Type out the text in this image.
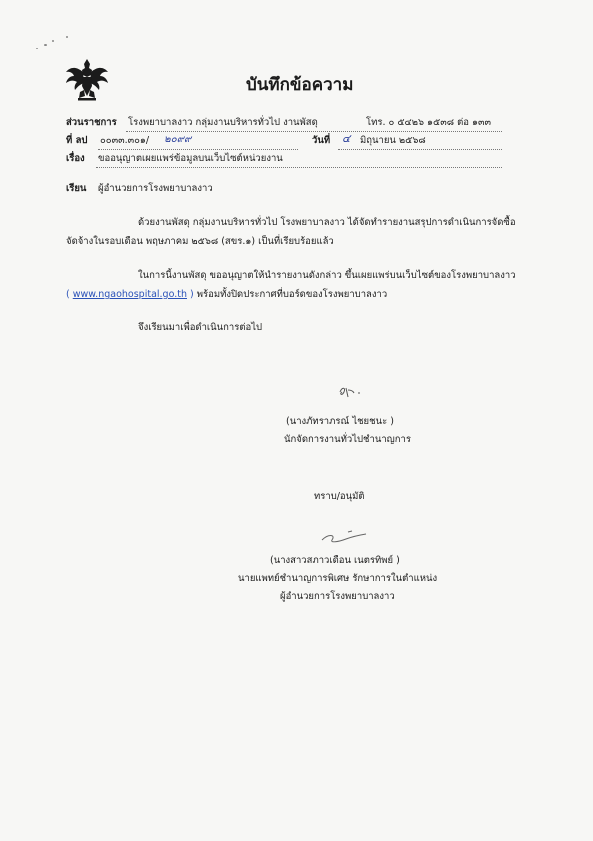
บันทึกข้อความ
ส่วนราชการ โรงพยาบาลงาว กลุ่มงานบริหารทั่วไป งานพัสดุ	โทร. ๐ ๕๔๒๖ ๑๕๓๘ ต่อ ๑๓๓
ที่ ลป ๐๐๓๓.๓๐๑/ ๒๐๙๙	วันที่ ๔ มิถุนายน ๒๕๖๘
เรื่อง ขออนุญาตเผยแพร่ข้อมูลบนเว็บไซต์หน่วยงาน
เรียน ผู้อำนวยการโรงพยาบาลงาว
ด้วยงานพัสดุ กลุ่มงานบริหารทั่วไป โรงพยาบาลงาว ได้จัดทำรายงานสรุปการดำเนินการจัดซื้อ
จัดจ้างในรอบเดือน พฤษภาคม ๒๕๖๘ (สขร.๑) เป็นที่เรียบร้อยแล้ว
ในการนี้งานพัสดุ ขออนุญาตให้นำรายงานดังกล่าว ขึ้นเผยแพร่บนเว็บไซต์ของโรงพยาบาลงาว
( www.ngaohospital.go.th ) พร้อมทั้งปิดประกาศที่บอร์ดของโรงพยาบาลงาว
จึงเรียนมาเพื่อดำเนินการต่อไป
(นางภัทราภรณ์ ไชยชนะ )
นักจัดการงานทั่วไปชำนาญการ
ทราบ/อนุมัติ
(นางสาวสภาวเดือน เนตรทิพย์ )
นายแพทย์ชำนาญการพิเศษ รักษาการในตำแหน่ง
ผู้อำนวยการโรงพยาบาลงาว
